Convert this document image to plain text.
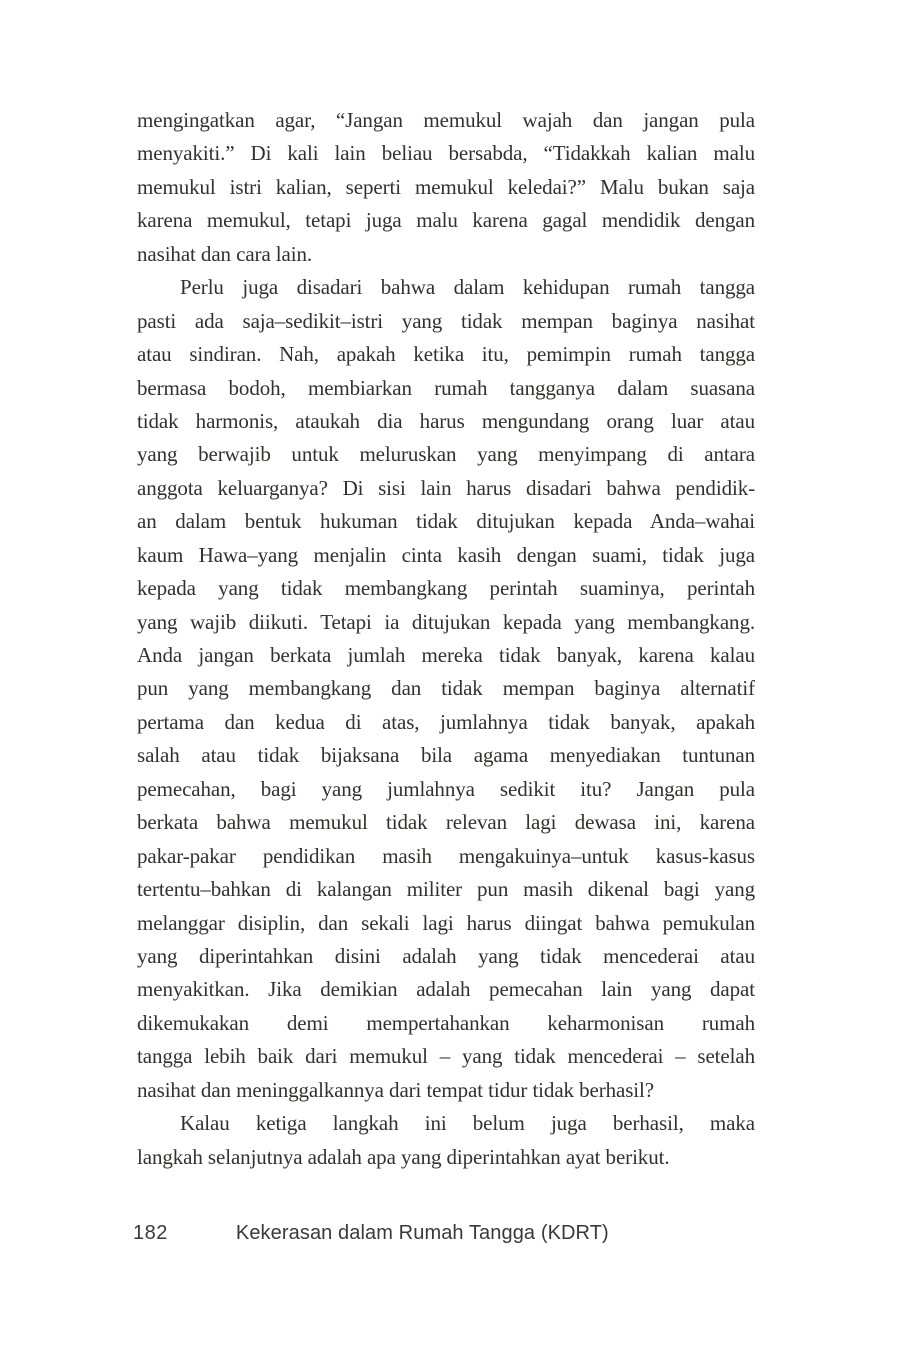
mengingatkan agar, “Jangan memukul wajah dan jangan pula
menyakiti.” Di kali lain beliau bersabda, “Tidakkah kalian malu
memukul istri kalian, seperti memukul keledai?” Malu bukan saja
karena memukul, tetapi juga malu karena gagal mendidik dengan
nasihat dan cara lain.
Perlu juga disadari bahwa dalam kehidupan rumah tangga
pasti ada saja–sedikit–istri yang tidak mempan baginya nasihat
atau sindiran. Nah, apakah ketika itu, pemimpin rumah tangga
bermasa bodoh, membiarkan rumah tangganya dalam suasana
tidak harmonis, ataukah dia harus mengundang orang luar atau
yang berwajib untuk meluruskan yang menyimpang di antara
anggota keluarganya? Di sisi lain harus disadari bahwa pendidik-
an dalam bentuk hukuman tidak ditujukan kepada Anda–wahai
kaum Hawa–yang menjalin cinta kasih dengan suami, tidak juga
kepada yang tidak membangkang perintah suaminya, perintah
yang wajib diikuti. Tetapi ia ditujukan kepada yang membangkang.
Anda jangan berkata jumlah mereka tidak banyak, karena kalau
pun yang membangkang dan tidak mempan baginya alternatif
pertama dan kedua di atas, jumlahnya tidak banyak, apakah
salah atau tidak bijaksana bila agama menyediakan tuntunan
pemecahan, bagi yang jumlahnya sedikit itu? Jangan pula
berkata bahwa memukul tidak relevan lagi dewasa ini, karena
pakar-pakar pendidikan masih mengakuinya–untuk kasus-kasus
tertentu–bahkan di kalangan militer pun masih dikenal bagi yang
melanggar disiplin, dan sekali lagi harus diingat bahwa pemukulan
yang diperintahkan disini adalah yang tidak mencederai atau
menyakitkan. Jika demikian adalah pemecahan lain yang dapat
dikemukakan demi mempertahankan keharmonisan rumah
tangga lebih baik dari memukul – yang tidak mencederai – setelah
nasihat dan meninggalkannya dari tempat tidur tidak berhasil?
Kalau ketiga langkah ini belum juga berhasil, maka
langkah selanjutnya adalah apa yang diperintahkan ayat berikut.
182	Kekerasan dalam Rumah Tangga (KDRT)
